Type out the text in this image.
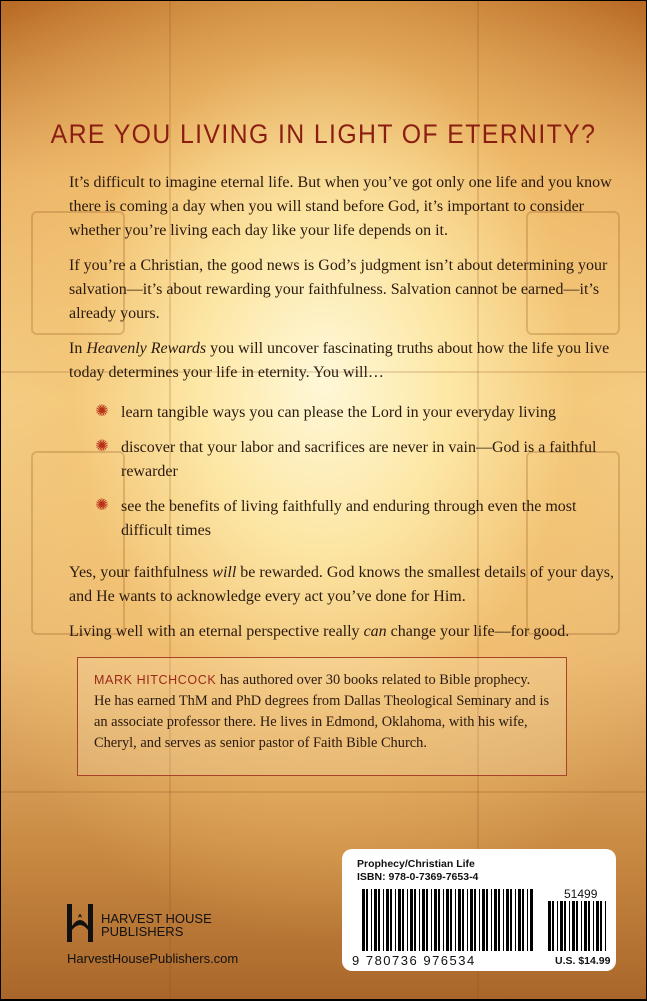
ARE YOU LIVING IN LIGHT OF ETERNITY?

It’s difficult to imagine eternal life. But when you’ve got only one life and you know there is coming a day when you will stand before God, it’s important to consider whether you’re living each day like your life depends on it.

If you’re a Christian, the good news is God’s judgment isn’t about determining your salvation—it’s about rewarding your faithfulness. Salvation cannot be earned—it’s already yours.

In Heavenly Rewards you will uncover fascinating truths about how the life you live today determines your life in eternity. You will…

✺ learn tangible ways you can please the Lord in your everyday living
✺ discover that your labor and sacrifices are never in vain—God is a faithful rewarder
✺ see the benefits of living faithfully and enduring through even the most difficult times

Yes, your faithfulness will be rewarded. God knows the smallest details of your days, and He wants to acknowledge every act you’ve done for Him.

Living well with an eternal perspective really can change your life—for good.

MARK HITCHCOCK has authored over 30 books related to Bible prophecy. He has earned ThM and PhD degrees from Dallas Theological Seminary and is an associate professor there. He lives in Edmond, Oklahoma, with his wife, Cheryl, and serves as senior pastor of Faith Bible Church.
Prophecy/Christian Life
ISBN: 978-0-7369-7653-4
51499
9 780736 976534	U.S. $14.99
HARVEST HOUSE
PUBLISHERS
HarvestHousePublishers.com
